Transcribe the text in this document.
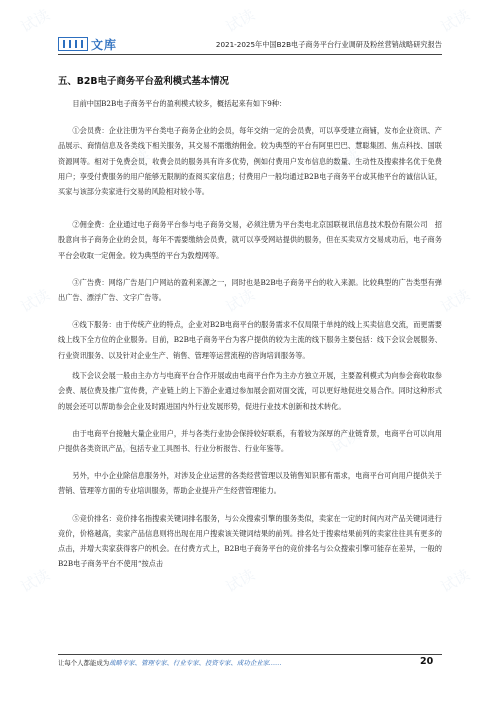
文库	2021-2025年中国B2B电子商务平台行业调研及粉丝营销战略研究报告
五、B2B电子商务平台盈利模式基本情况

目前中国B2B电子商务平台的盈利模式较多，概括起来有如下9种：

①会员费：企业注册为平台类电子商务企业的会员，每年交纳一定的会员费，可以享受建立商铺，发布企业资讯、产品展示、商情信息及各类线下相关服务，其交易不需缴纳佣金。较为典型的平台有阿里巴巴、慧聪集团、焦点科技、国联资源网等。相对于免费会员，收费会员的服务具有许多优势，例如付费用户发布信息的数量、生动性及搜索排名优于免费用户；享受付费服务的用户能够无限制的查阅买家信息；付费用户一般均通过B2B电子商务平台或其他平台的诚信认证，买家与该部分卖家进行交易的风险相对较小等。

②佣金费：企业通过电子商务平台参与电子商务交易，必须注册为平台类电北京国联视讯信息技术股份有限公司　招股意向书子商务企业的会员，每年不需要缴纳会员费，就可以享受网站提供的服务，但在买卖双方交易成功后，电子商务平台会收取一定佣金。较为典型的平台为敦煌网等。

③广告费：网络广告是门户网站的盈利来源之一，同时也是B2B电子商务平台的收入来源。比较典型的广告类型有弹出广告、漂浮广告、文字广告等。

④线下服务：由于传统产业的特点，企业对B2B电商平台的服务需求不仅局限于单纯的线上买卖信息交流，而更需要线上线下全方位的企业服务。目前，B2B电子商务平台为客户提供的较为主流的线下服务主要包括：线下会议会展服务、行业资讯服务、以及针对企业生产、销售、管理等运营流程的咨询培训服务等。

线下会议会展一般由主办方与电商平台合作开展或由电商平台作为主办方独立开展，主要盈利模式为向参会商收取参会费、展位费及推广宣传费，产业链上的上下游企业通过参加展会面对面交流，可以更好地促进交易合作。同时这种形式的展会还可以帮助参会企业及时跟进国内外行业发展形势，促进行业技术创新和技术转化。

由于电商平台接触大量企业用户，并与各类行业协会保持较好联系，有着较为深厚的产业链背景，电商平台可以向用户提供各类资讯产品，包括专业工具图书、行业分析报告、行业年鉴等。

另外，中小企业除信息服务外，对涉及企业运营的各类经营管理以及销售知识都有需求，电商平台可向用户提供关于营销、管理等方面的专业培训服务，帮助企业提升产生经营管理能力。

⑤竞价排名：竞价排名指搜索关键词排名服务，与公众搜索引擎的服务类似，卖家在一定的时间内对产品关键词进行竞价，价格越高，卖家产品信息则将出现在用户搜索该关键词结果的前列。排名处于搜索结果前列的卖家往往具有更多的点击，并增大卖家获得客户的机会。在付费方式上，B2B电子商务平台的竞价排名与公众搜索引擎可能存在差异，一般的B2B电子商务平台不使用“按点击

让每个人都能成为战略专家、管理专家、行业专家、投资专家、成功企业家……	20
试读	试读	试读
试读	试读
试读	试读	试读
试读	试读
试读	试读	试读
